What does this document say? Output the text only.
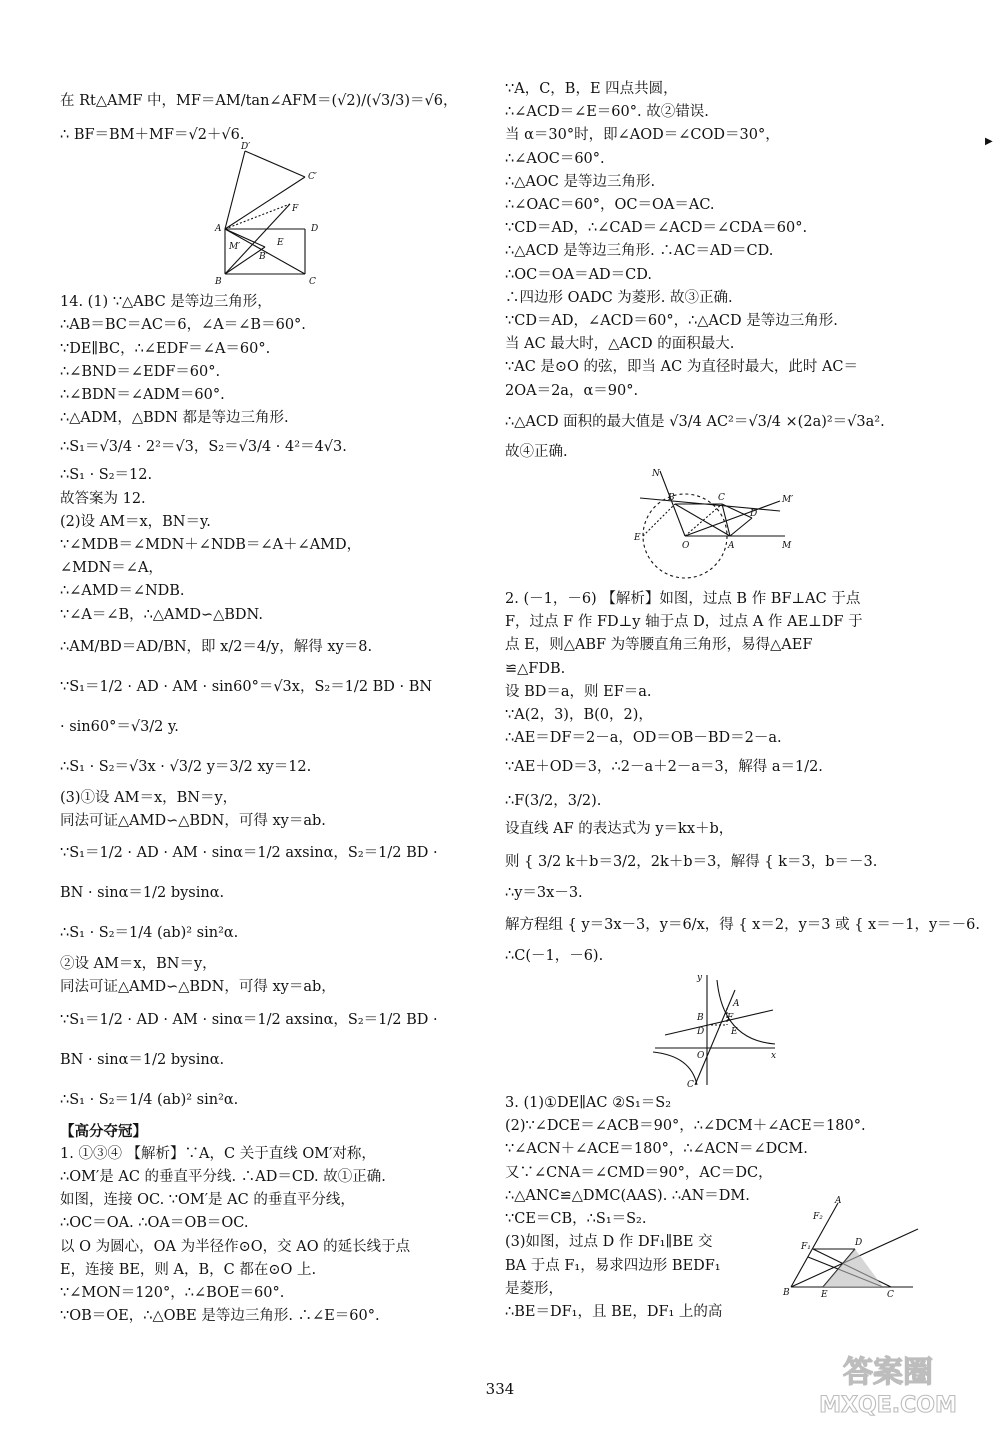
在 Rt△AMF 中，MF＝AM/tan∠AFM＝(√2)/(√3/3)＝√6，
∴ BF＝BM＋MF＝√2＋√6.
D′
C′
F
A	D
M′	E
B′
B	C
14. (1) ∵△ABC 是等边三角形，
∴AB＝BC＝AC＝6，∠A＝∠B＝60°.
∵DE∥BC，∴∠EDF＝∠A＝60°.
∴∠BND＝∠EDF＝60°.
∴∠BDN＝∠ADM＝60°.
∴△ADM，△BDN 都是等边三角形.
∴S₁＝√3/4 · 2²＝√3，S₂＝√3/4 · 4²＝4√3.
∴S₁ · S₂＝12.
故答案为 12.
(2)设 AM＝x，BN＝y.
∵∠MDB＝∠MDN＋∠NDB＝∠A＋∠AMD，
∠MDN＝∠A，
∴∠AMD＝∠NDB.
∵∠A＝∠B，∴△AMD∽△BDN.
∴AM/BD＝AD/BN，即 x/2＝4/y，解得 xy＝8.
∵S₁＝1/2 · AD · AM · sin60°＝√3x，S₂＝1/2 BD · BN
· sin60°＝√3/2 y.
∴S₁ · S₂＝√3x · √3/2 y＝3/2 xy＝12.
(3)①设 AM＝x，BN＝y，
同法可证△AMD∽△BDN，可得 xy＝ab.
∵S₁＝1/2 · AD · AM · sinα＝1/2 axsinα，S₂＝1/2 BD ·
BN · sinα＝1/2 bysinα.
∴S₁ · S₂＝1/4 (ab)² sin²α.
②设 AM＝x，BN＝y，
同法可证△AMD∽△BDN，可得 xy＝ab，
∵S₁＝1/2 · AD · AM · sinα＝1/2 axsinα，S₂＝1/2 BD ·
BN · sinα＝1/2 bysinα.
∴S₁ · S₂＝1/4 (ab)² sin²α.
【高分夺冠】
1. ①③④ 【解析】∵A，C 关于直线 OM′对称，
∴OM′是 AC 的垂直平分线. ∴AD＝CD. 故①正确.
如图，连接 OC. ∵OM′是 AC 的垂直平分线，
∴OC＝OA. ∴OA＝OB＝OC.
以 O 为圆心，OA 为半径作⊙O，交 AO 的延长线于点
E，连接 BE，则 A，B，C 都在⊙O 上.
∵∠MON＝120°，∴∠BOE＝60°.
∵OB＝OE，∴△OBE 是等边三角形. ∴∠E＝60°.
∵A，C，B，E 四点共圆，
∴∠ACD＝∠E＝60°. 故②错误.
当 α＝30°时，即∠AOD＝∠COD＝30°，
∴∠AOC＝60°.
∴△AOC 是等边三角形.
∴∠OAC＝60°，OC＝OA＝AC.
∵CD＝AD，∴∠CAD＝∠ACD＝∠CDA＝60°.
∴△ACD 是等边三角形. ∴AC＝AD＝CD.
∴OC＝OA＝AD＝CD.
∴四边形 OADC 为菱形. 故③正确.
∵CD＝AD，∠ACD＝60°，∴△ACD 是等边三角形.
当 AC 最大时，△ACD 的面积最大.
∵AC 是⊙O 的弦，即当 AC 为直径时最大，此时 AC＝
2OA＝2a，α＝90°.
∴△ACD 面积的最大值是 √3/4 AC²＝√3/4 ×(2a)²＝√3a².
故④正确.
N
B	C	M′
D
E
O	A	M
2. (－1，－6) 【解析】如图，过点 B 作 BF⊥AC 于点
F，过点 F 作 FD⊥y 轴于点 D，过点 A 作 AE⊥DF 于
点 E，则△ABF 为等腰直角三角形，易得△AEF
≌△FDB.
设 BD＝a，则 EF＝a.
∵A(2，3)，B(0，2)，
∴AE＝DF＝2－a，OD＝OB－BD＝2－a.
∵AE＋OD＝3，∴2－a＋2－a＝3，解得 a＝1/2.
∴F(3/2，3/2).
设直线 AF 的表达式为 y＝kx＋b，
则 { 3/2 k＋b＝3/2，2k＋b＝3，解得 { k＝3，b＝－3.
∴y＝3x－3.
解方程组 { y＝3x－3，y＝6/x，得 { x＝2，y＝3 或 { x＝－1，y＝－6.
∴C(－1，－6).
y
A
B	F
D	E
O	x
C
3. (1)①DE∥AC ②S₁＝S₂
(2)∵∠DCE＝∠ACB＝90°，∴∠DCM＋∠ACE＝180°.
∵∠ACN＋∠ACE＝180°，∴∠ACN＝∠DCM.
又∵∠CNA＝∠CMD＝90°，AC＝DC，
∴△ANC≌△DMC(AAS). ∴AN＝DM.
∵CE＝CB，∴S₁＝S₂.
(3)如图，过点 D 作 DF₁∥BE 交
BA 于点 F₁，易求四边形 BEDF₁
是菱形，
∴BE＝DF₁，且 BE，DF₁ 上的高
A
F₂
F₁	D
B	E	C
▶
334	答案圈
MXQE.COM
